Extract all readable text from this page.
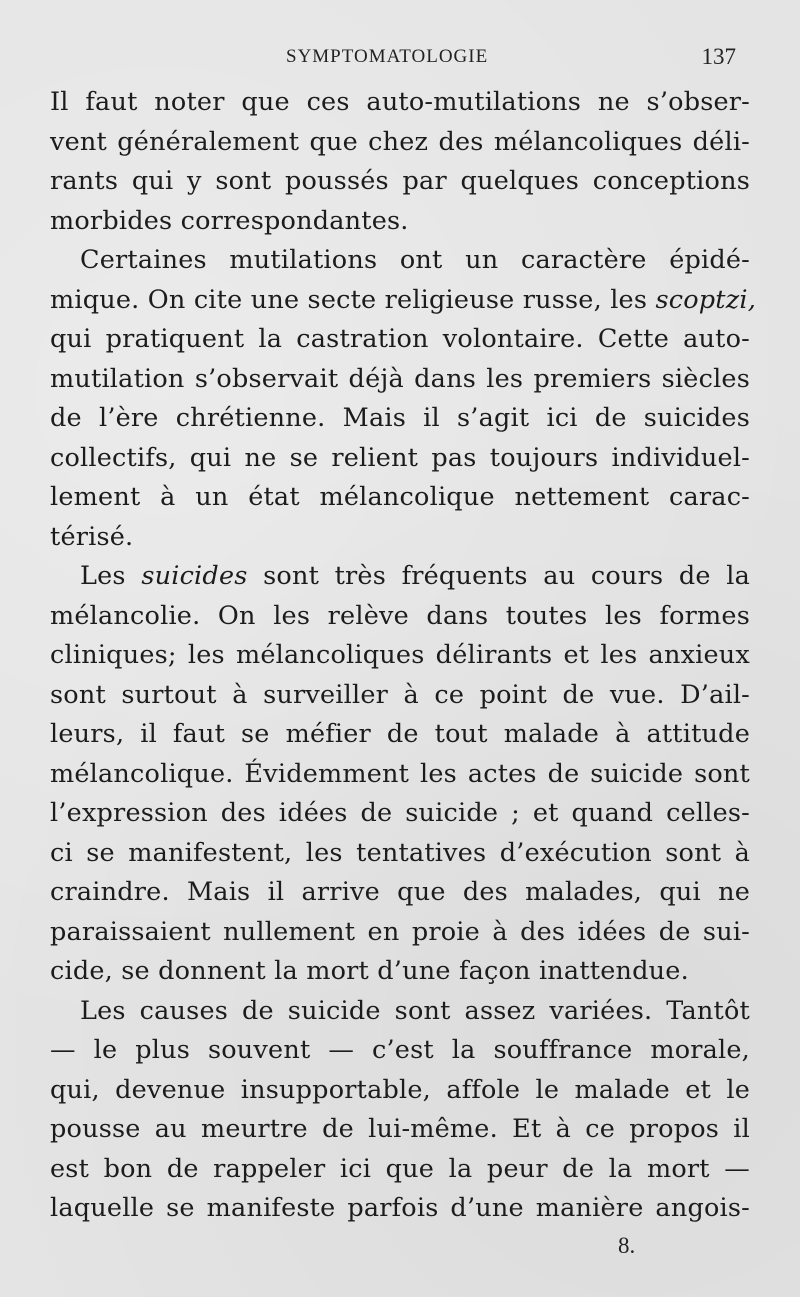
SYMPTOMATOLOGIE	137
Il faut noter que ces auto-mutilations ne s’obser-
vent généralement que chez des mélancoliques déli-
rants qui y sont poussés par quelques conceptions
morbides correspondantes.
Certaines mutilations ont un caractère épidé-
mique. On cite une secte religieuse russe, les scoptzi,
qui pratiquent la castration volontaire. Cette auto-
mutilation s’observait déjà dans les premiers siècles
de l’ère chrétienne. Mais il s’agit ici de suicides
collectifs, qui ne se relient pas toujours individuel-
lement à un état mélancolique nettement carac-
térisé.
Les suicides sont très fréquents au cours de la
mélancolie. On les relève dans toutes les formes
cliniques; les mélancoliques délirants et les anxieux
sont surtout à surveiller à ce point de vue. D’ail-
leurs, il faut se méfier de tout malade à attitude
mélancolique. Évidemment les actes de suicide sont
l’expression des idées de suicide ; et quand celles-
ci se manifestent, les tentatives d’exécution sont à
craindre. Mais il arrive que des malades, qui ne
paraissaient nullement en proie à des idées de sui-
cide, se donnent la mort d’une façon inattendue.
Les causes de suicide sont assez variées. Tantôt
— le plus souvent — c’est la souffrance morale,
qui, devenue insupportable, affole le malade et le
pousse au meurtre de lui-même. Et à ce propos il
est bon de rappeler ici que la peur de la mort —
laquelle se manifeste parfois d’une manière angois-
8.
